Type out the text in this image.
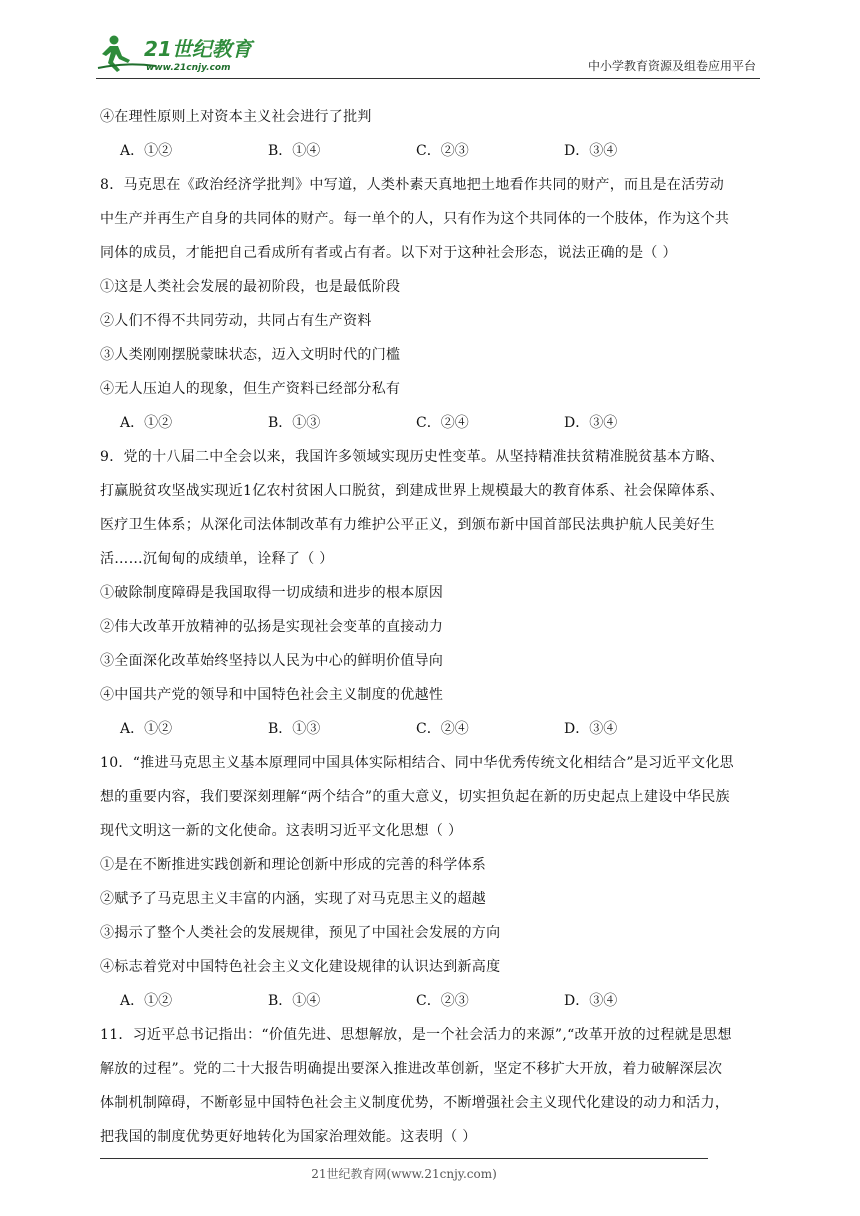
21世纪教育
www.21cnjy.com	中小学教育资源及组卷应用平台
④在理性原则上对资本主义社会进行了批判
A．①②	B．①④	C．②③	D．③④
8．马克思在《政治经济学批判》中写道，人类朴素天真地把土地看作共同的财产，而且是在活劳动
中生产并再生产自身的共同体的财产。每一单个的人，只有作为这个共同体的一个肢体，作为这个共
同体的成员，才能把自己看成所有者或占有者。以下对于这种社会形态，说法正确的是（ ）
①这是人类社会发展的最初阶段，也是最低阶段
②人们不得不共同劳动，共同占有生产资料
③人类刚刚摆脱蒙昧状态，迈入文明时代的门槛
④无人压迫人的现象，但生产资料已经部分私有
A．①②	B．①③	C．②④	D．③④
9．党的十八届二中全会以来，我国许多领域实现历史性变革。从坚持精准扶贫精准脱贫基本方略、
打赢脱贫攻坚战实现近1亿农村贫困人口脱贫，到建成世界上规模最大的教育体系、社会保障体系、
医疗卫生体系；从深化司法体制改革有力维护公平正义，到颁布新中国首部民法典护航人民美好生
活……沉甸甸的成绩单，诠释了（ ）
①破除制度障碍是我国取得一切成绩和进步的根本原因
②伟大改革开放精神的弘扬是实现社会变革的直接动力
③全面深化改革始终坚持以人民为中心的鲜明价值导向
④中国共产党的领导和中国特色社会主义制度的优越性
A．①②	B．①③	C．②④	D．③④
10．“推进马克思主义基本原理同中国具体实际相结合、同中华优秀传统文化相结合”是习近平文化思
想的重要内容，我们要深刻理解“两个结合”的重大意义，切实担负起在新的历史起点上建设中华民族
现代文明这一新的文化使命。这表明习近平文化思想（ ）
①是在不断推进实践创新和理论创新中形成的完善的科学体系
②赋予了马克思主义丰富的内涵，实现了对马克思主义的超越
③揭示了整个人类社会的发展规律，预见了中国社会发展的方向
④标志着党对中国特色社会主义文化建设规律的认识达到新高度
A．①②	B．①④	C．②③	D．③④
11．习近平总书记指出：“价值先进、思想解放，是一个社会活力的来源”,“改革开放的过程就是思想
解放的过程”。党的二十大报告明确提出要深入推进改革创新，坚定不移扩大开放，着力破解深层次
体制机制障碍，不断彰显中国特色社会主义制度优势，不断增强社会主义现代化建设的动力和活力，
把我国的制度优势更好地转化为国家治理效能。这表明（ ）
21世纪教育网(www.21cnjy.com)
